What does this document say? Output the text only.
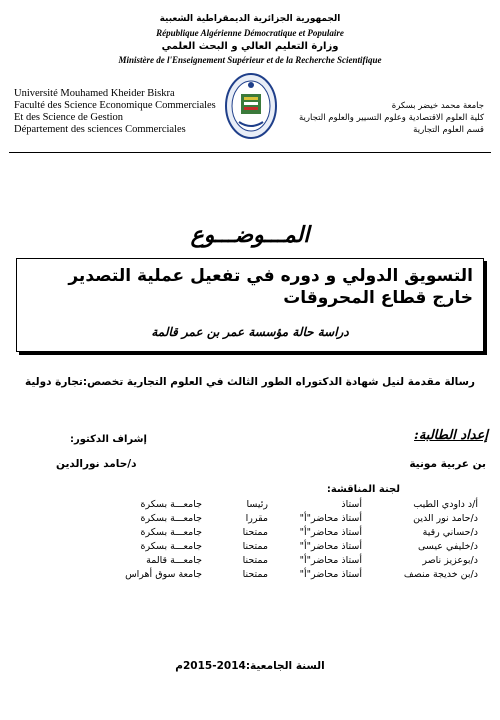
الجمهورية الجزائرية الديمقراطية الشعبية
République Algérienne Démocratique et Populaire
وزارة التعليم العالي و البحث العلمي
Ministère de l'Enseignement Supérieur et de la Recherche Scientifique
Université Mouhamed Kheider Biskra
Faculté des Science Economique Commerciales
Et des Science de Gestion
Département des sciences Commerciales
جامعة محمد خيضر بسكرة
كلية العلوم الاقتصادية وعلوم التسيير والعلوم التجارية
قسم العلوم التجارية
المـــوضـــوع
التسويق الدولي و دوره في تفعيل عملية التصدير خارج قطاع المحروقات
دراسة حالة مؤسسة عمر بن عمر قالمة
رسالة مقدمة لنيل شهادة الدكتوراه الطور الثالث في العلوم التجارية تخصص:تجارة دولية
إعداد الطالبة:
إشراف الدكتور:
بن عربية مونية
د/حامد نورالدين
لجنة المناقشة:
أ/د داودي الطيب
أستاذ
رئيسا
جامعـــة بسكرة
د/حامد نور الدين
أستاذ محاضر"أ"
مقررا
جامعـــة بسكرة
د/حساني رقية
أستاذ محاضر"أ"
ممتحنا
جامعـــة بسكرة
د/خليفي عيسى
أستاذ محاضر"أ"
ممتحنا
جامعـــة بسكرة
د/بوعزيز ناصر
أستاذ محاضر"أ"
ممتحنا
جامعـــة قالمة
د/بن خديجة منصف
أستاذ محاضر"أ"
ممتحنا
جامعة سوق أهراس
السنة الجامعية:2014-2015م
